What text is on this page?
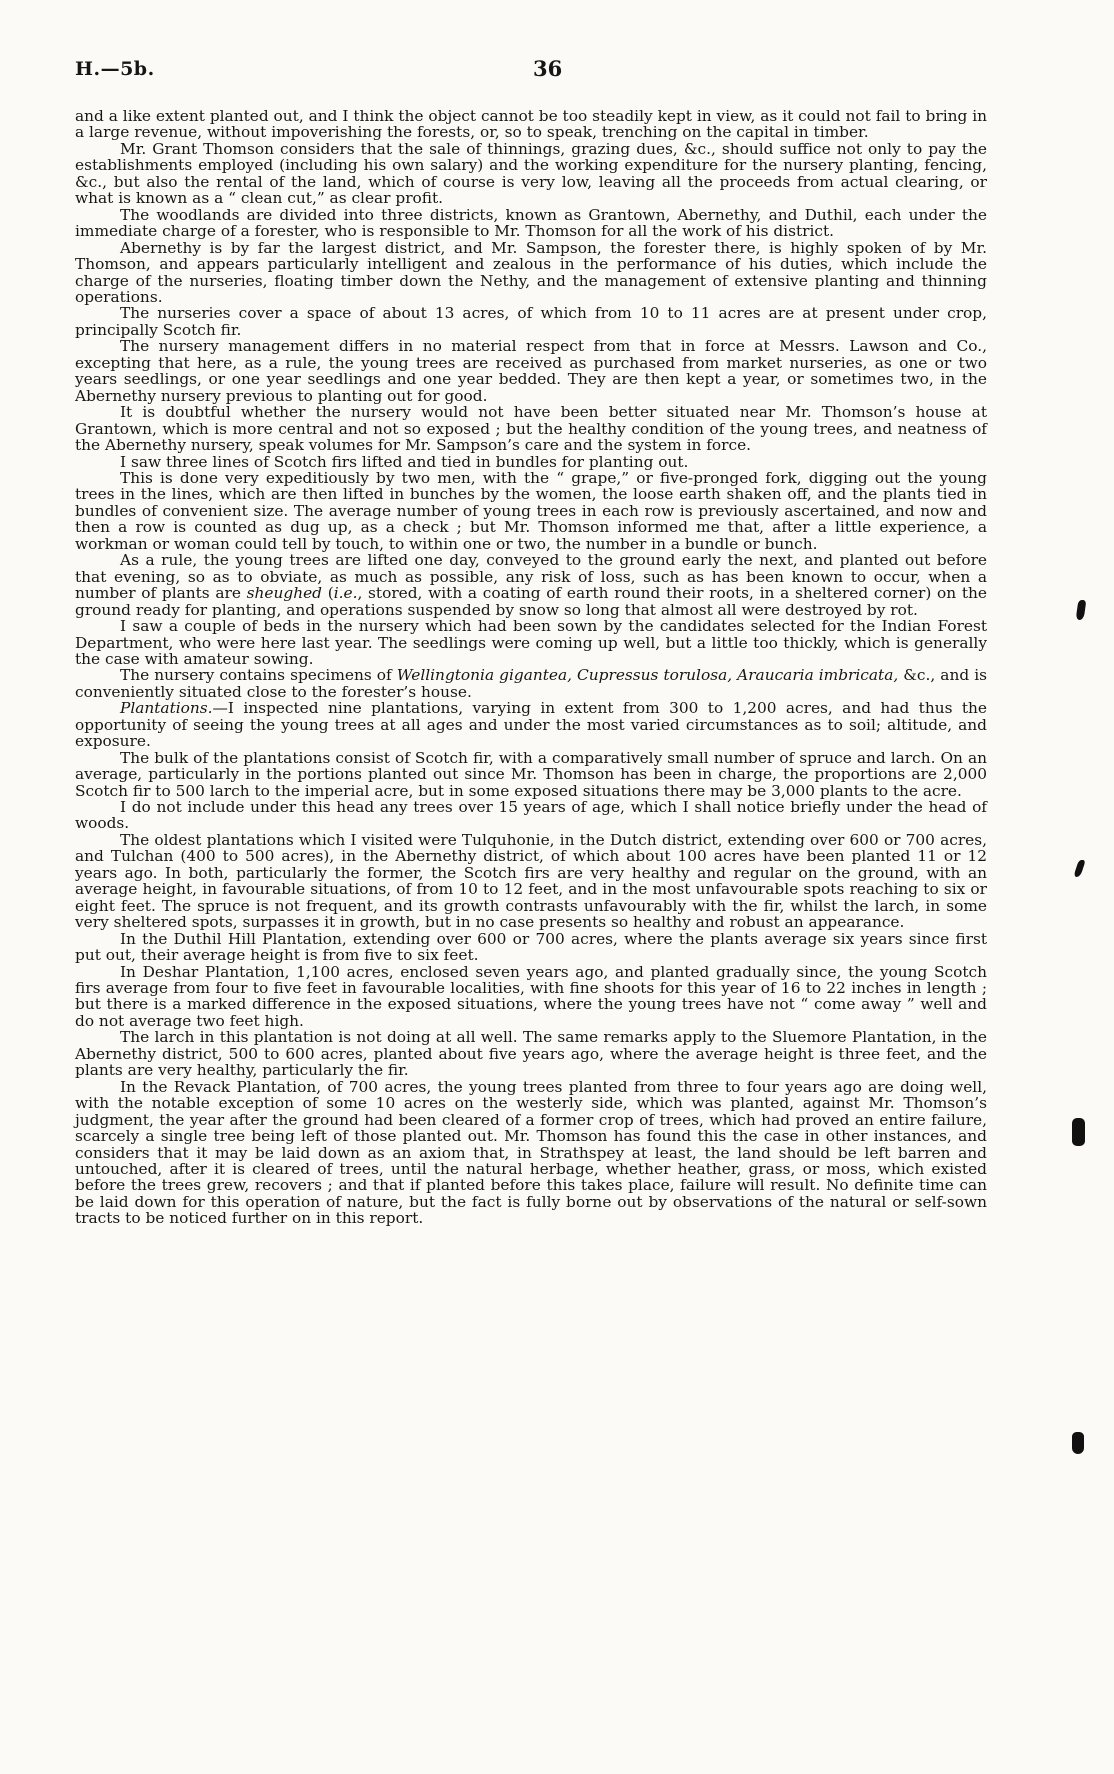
H.—5b.	36

and a like extent planted out, and I think the object cannot be too steadily kept in view, as it could not fail to bring in a large revenue, without impoverishing the forests, or, so to speak, trenching on the capital in timber.

Mr. Grant Thomson considers that the sale of thinnings, grazing dues, &c., should suffice not only to pay the establishments employed (including his own salary) and the working expenditure for the nursery planting, fencing, &c., but also the rental of the land, which of course is very low, leaving all the proceeds from actual clearing, or what is known as a “ clean cut,” as clear profit.

The woodlands are divided into three districts, known as Grantown, Abernethy, and Duthil, each under the immediate charge of a forester, who is responsible to Mr. Thomson for all the work of his district.

Abernethy is by far the largest district, and Mr. Sampson, the forester there, is highly spoken of by Mr. Thomson, and appears particularly intelligent and zealous in the performance of his duties, which include the charge of the nurseries, floating timber down the Nethy, and the management of extensive planting and thinning operations.

The nurseries cover a space of about 13 acres, of which from 10 to 11 acres are at present under crop, principally Scotch fir.

The nursery management differs in no material respect from that in force at Messrs. Lawson and Co., excepting that here, as a rule, the young trees are received as purchased from market nurseries, as one or two years seedlings, or one year seedlings and one year bedded. They are then kept a year, or sometimes two, in the Abernethy nursery previous to planting out for good.

It is doubtful whether the nursery would not have been better situated near Mr. Thomson’s house at Grantown, which is more central and not so exposed ; but the healthy condition of the young trees, and neatness of the Abernethy nursery, speak volumes for Mr. Sampson’s care and the system in force.

I saw three lines of Scotch firs lifted and tied in bundles for planting out.

This is done very expeditiously by two men, with the “ grape,” or five-pronged fork, digging out the young trees in the lines, which are then lifted in bunches by the women, the loose earth shaken off, and the plants tied in bundles of convenient size. The average number of young trees in each row is previously ascertained, and now and then a row is counted as dug up, as a check ; but Mr. Thomson informed me that, after a little experience, a workman or woman could tell by touch, to within one or two, the number in a bundle or bunch.

As a rule, the young trees are lifted one day, conveyed to the ground early the next, and planted out before that evening, so as to obviate, as much as possible, any risk of loss, such as has been known to occur, when a number of plants are sheughed (i.e., stored, with a coating of earth round their roots, in a sheltered corner) on the ground ready for planting, and operations suspended by snow so long that almost all were destroyed by rot.

I saw a couple of beds in the nursery which had been sown by the candidates selected for the Indian Forest Department, who were here last year. The seedlings were coming up well, but a little too thickly, which is generally the case with amateur sowing.

The nursery contains specimens of Wellingtonia gigantea, Cupressus torulosa, Araucaria imbricata, &c., and is conveniently situated close to the forester’s house.

Plantations.—I inspected nine plantations, varying in extent from 300 to 1,200 acres, and had thus the opportunity of seeing the young trees at all ages and under the most varied circumstances as to soil; altitude, and exposure.

The bulk of the plantations consist of Scotch fir, with a comparatively small number of spruce and larch. On an average, particularly in the portions planted out since Mr. Thomson has been in charge, the proportions are 2,000 Scotch fir to 500 larch to the imperial acre, but in some exposed situations there may be 3,000 plants to the acre.

I do not include under this head any trees over 15 years of age, which I shall notice briefly under the head of woods.

The oldest plantations which I visited were Tulquhonie, in the Dutch district, extending over 600 or 700 acres, and Tulchan (400 to 500 acres), in the Abernethy district, of which about 100 acres have been planted 11 or 12 years ago. In both, particularly the former, the Scotch firs are very healthy and regular on the ground, with an average height, in favourable situations, of from 10 to 12 feet, and in the most unfavourable spots reaching to six or eight feet. The spruce is not frequent, and its growth contrasts unfavourably with the fir, whilst the larch, in some very sheltered spots, surpasses it in growth, but in no case presents so healthy and robust an appearance.

In the Duthil Hill Plantation, extending over 600 or 700 acres, where the plants average six years since first put out, their average height is from five to six feet.

In Deshar Plantation, 1,100 acres, enclosed seven years ago, and planted gradually since, the young Scotch firs average from four to five feet in favourable localities, with fine shoots for this year of 16 to 22 inches in length ; but there is a marked difference in the exposed situations, where the young trees have not “ come away ” well and do not average two feet high.

The larch in this plantation is not doing at all well. The same remarks apply to the Sluemore Plantation, in the Abernethy district, 500 to 600 acres, planted about five years ago, where the average height is three feet, and the plants are very healthy, particularly the fir.

In the Revack Plantation, of 700 acres, the young trees planted from three to four years ago are doing well, with the notable exception of some 10 acres on the westerly side, which was planted, against Mr. Thomson’s judgment, the year after the ground had been cleared of a former crop of trees, which had proved an entire failure, scarcely a single tree being left of those planted out. Mr. Thomson has found this the case in other instances, and considers that it may be laid down as an axiom that, in Strathspey at least, the land should be left barren and untouched, after it is cleared of trees, until the natural herbage, whether heather, grass, or moss, which existed before the trees grew, recovers ; and that if planted before this takes place, failure will result. No definite time can be laid down for this operation of nature, but the fact is fully borne out by observations of the natural or self-sown tracts to be noticed further on in this report.
